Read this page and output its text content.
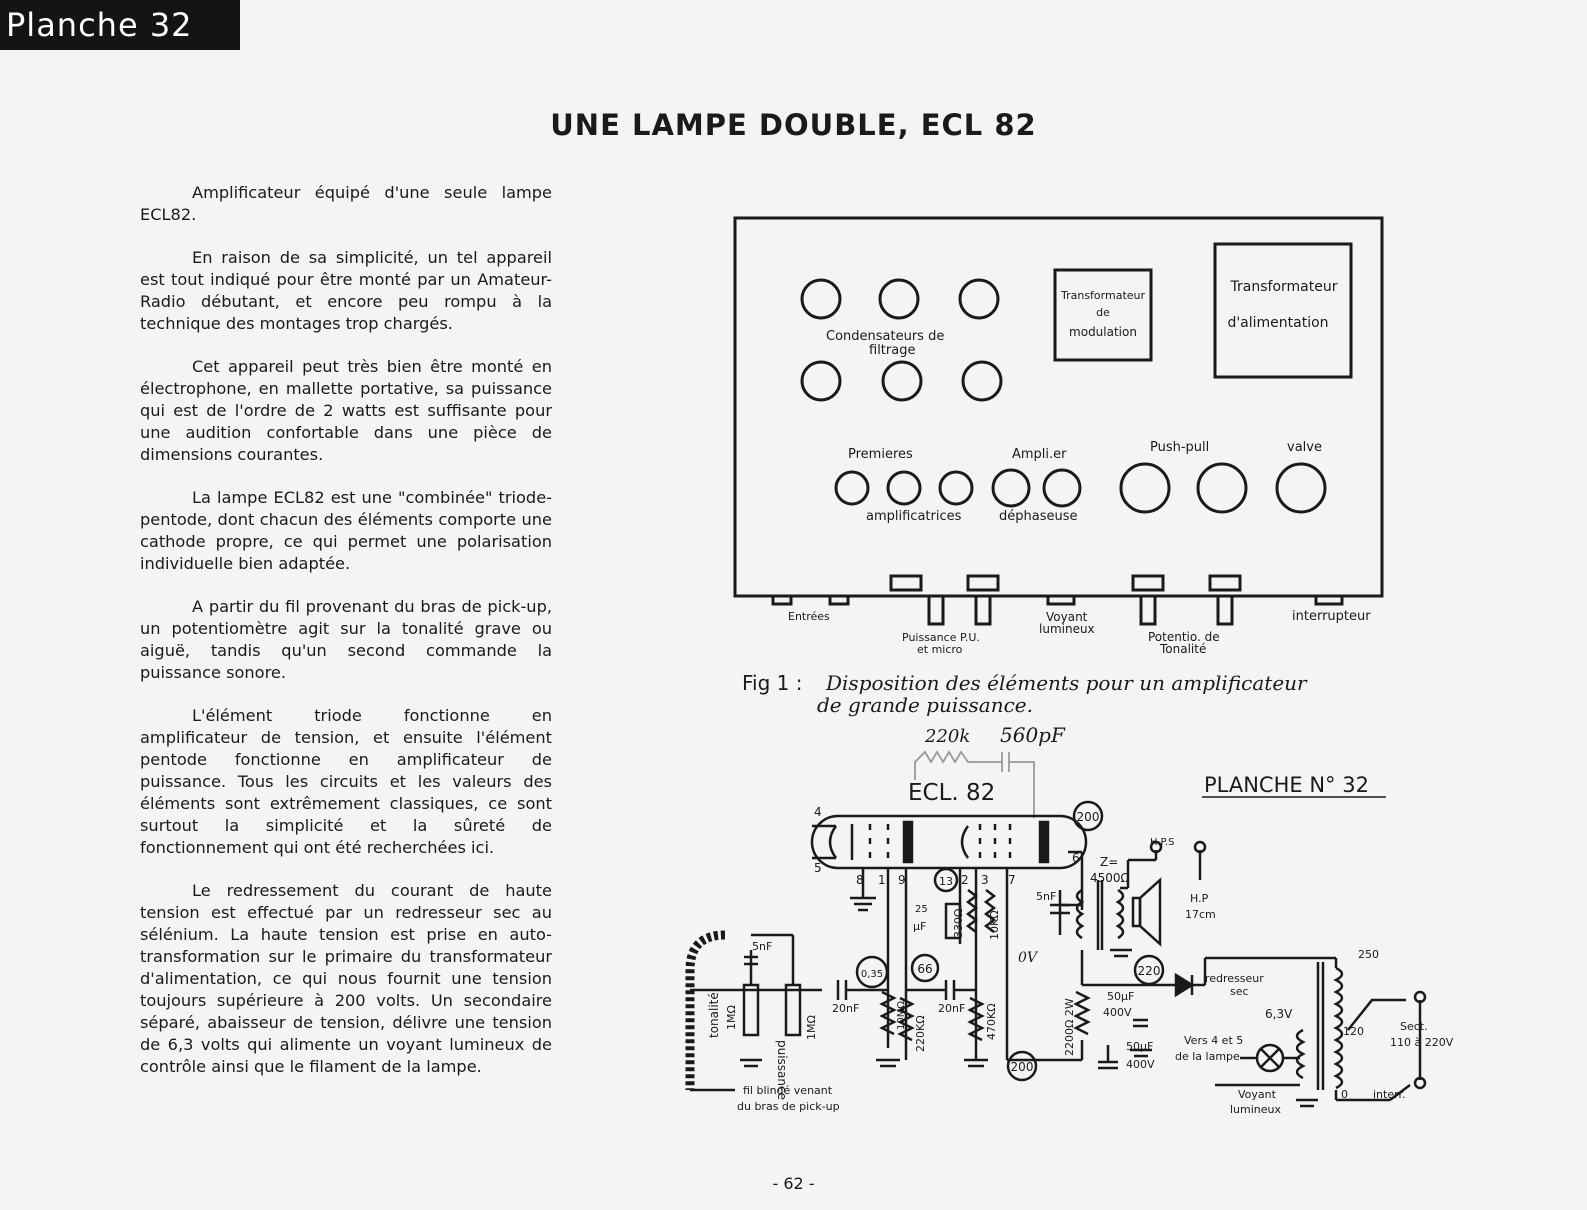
Planche 32
UNE LAMPE DOUBLE, ECL 82

Amplificateur équipé d'une seule lampe ECL82.

En raison de sa simplicité, un tel appareil est tout indiqué pour être monté par un Amateur-Radio débutant, et encore peu rompu à la technique des montages trop chargés.

Cet appareil peut très bien être monté en électrophone, en mallette portative, sa puissance qui est de l'ordre de 2 watts est suffisante pour une audition confortable dans une pièce de dimensions courantes.

La lampe ECL82 est une "combinée" triode-pentode, dont chacun des éléments comporte une cathode propre, ce qui permet une polarisation individuelle bien adaptée.

A partir du fil provenant du bras de pick-up, un potentiomètre agit sur la tonalité grave ou aiguë, tandis qu'un second commande la puissance sonore.

L'élément triode fonctionne en amplificateur de tension, et ensuite l'élément pentode fonctionne en amplificateur de puissance. Tous les circuits et les valeurs des éléments sont extrêmement classiques, ce sont surtout la simplicité et la sûreté de fonctionnement qui ont été recherchées ici.

Le redressement du courant de haute tension est effectué par un redresseur sec au sélénium. La haute tension est prise en auto-transformation sur le primaire du transformateur d'alimentation, ce qui nous fournit une tension toujours supérieure à 200 volts. Un secondaire séparé, abaisseur de tension, délivre une tension de 6,3 volts qui alimente un voyant lumineux de contrôle ainsi que le filament de la lampe.

Condensateurs de
filtrage
Transformateur
de
modulation
Transformateur
d'alimentation
Premieres
amplificatrices
Ampli.er
déphaseuse
Push-pull	valve
Entrées
Puissance P.U.
et micro
Voyant
lumineux
Potentio. de
Tonalité
interrupteur
Fig 1 : Disposition des éléments pour un amplificateur
de grande puissance.
PLANCHE N° 32
ECL. 82
220k 560pF
200
13
0,35	66	220
200
4
5
8 1 9	2 3 7
6
25
µF 330Ω 10KΩ
Z=
4500Ω
H.P.S
H.P
17cm
5nF
5nF
tonalité 1MΩ
puissance
1MΩ
20nF	20nF
10MΩ 220KΩ	470KΩ	2200Ω 2W
50µF
400V
50µF
400V
0V
redresseur
sec
6,3V
Vers 4 et 5
de la lampe
Voyant
lumineux
250
120
0
Sect.
110 à 220V
interr.
fil blindé venant
du bras de pick-up
- 62 -
